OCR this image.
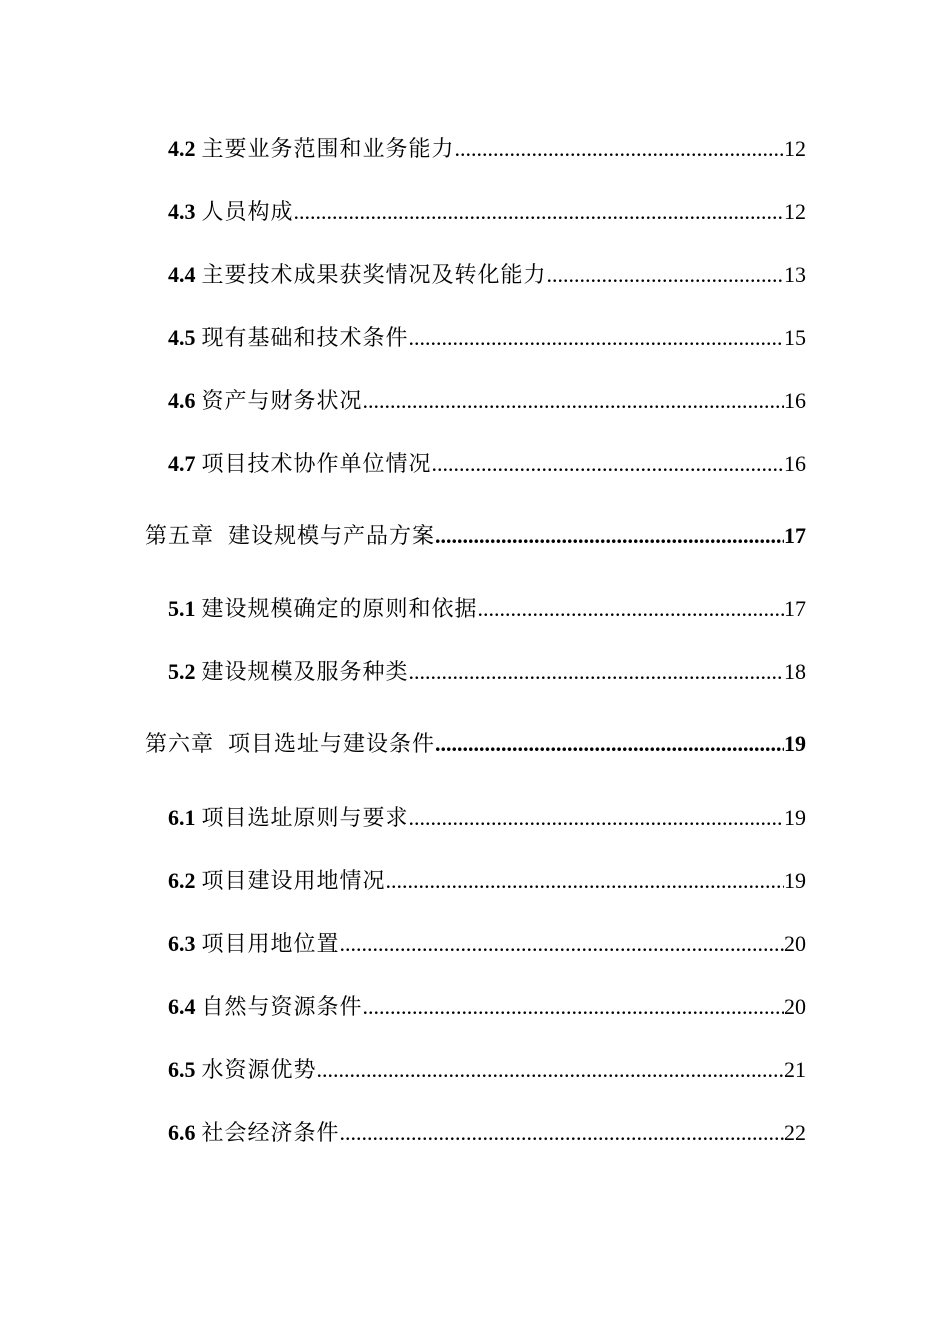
4.2 主要业务范围和业务能力 .....	12
4.3 人员构成 .....	12
4.4 主要技术成果获奖情况及转化能力 .....	13
4.5 现有基础和技术条件 .....	15
4.6 资产与财务状况 .....	16
4.7 项目技术协作单位情况 .....	16
第五章 建设规模与产品方案 .....	17
5.1 建设规模确定的原则和依据 .....	17
5.2 建设规模及服务种类 .....	18
第六章 项目选址与建设条件 .....	19
6.1 项目选址原则与要求 .....	19
6.2 项目建设用地情况 .....	19
6.3 项目用地位置 .....	20
6.4 自然与资源条件 .....	20
6.5 水资源优势 .....	21
6.6 社会经济条件 .....	22
